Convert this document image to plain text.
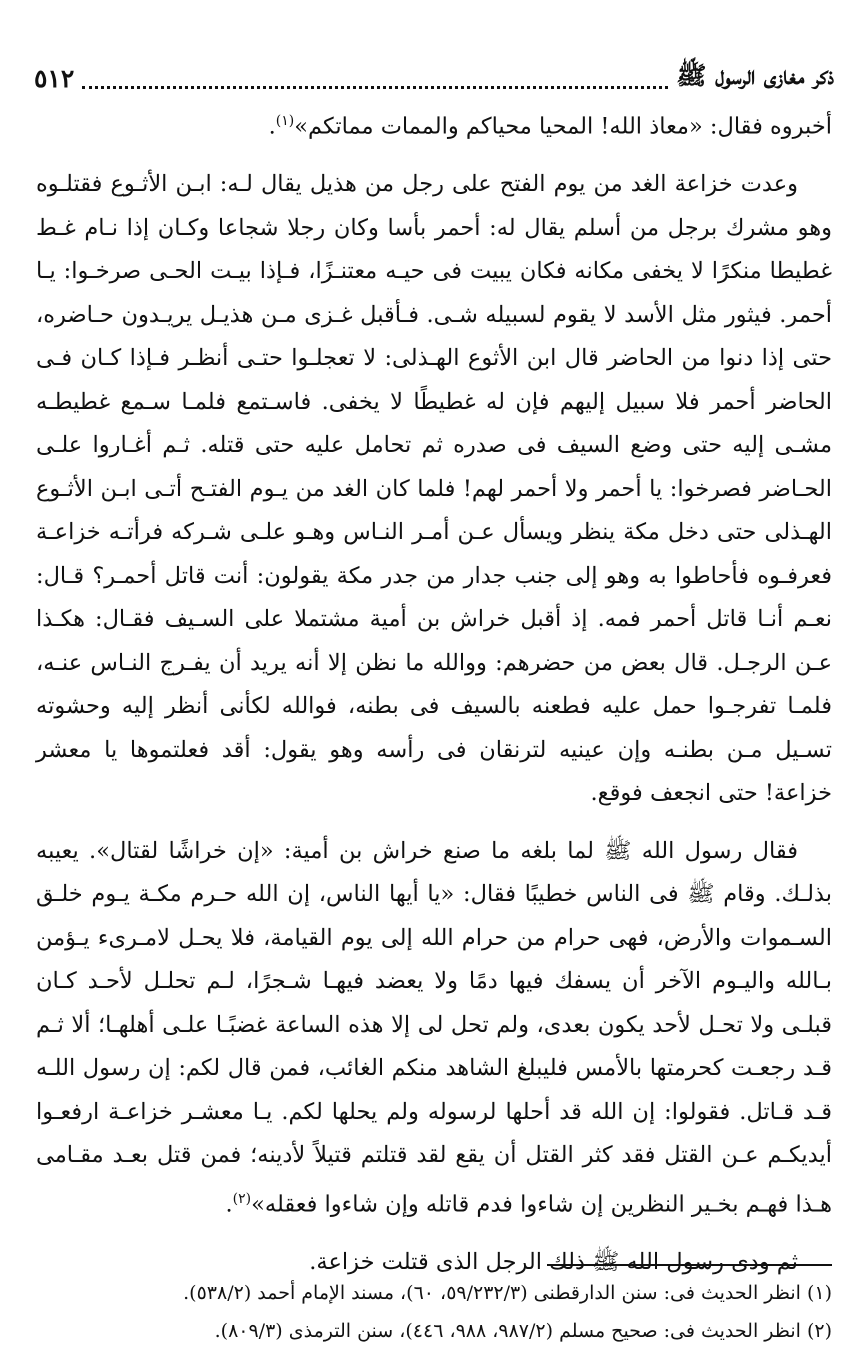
ذكر مغازى الرسول ﷺ
٥١٢

أخبروه فقال: «معاذ الله! المحيا محياكم والممات مماتكم»$^{(١)}$.

وعدت خزاعة الغد من يوم الفتح على رجل من هذيل يقال لـه: ابـن الأثـوع فقتلـوه وهو مشرك برجل من أسلم يقال له: أحمر بأسا وكان رجلا شجاعا وكـان إذا نـام غـط غطيطا منكرًا لا يخفى مكانه فكان يبيت فى حيـه معتنـزًا، فـإذا بيـت الحـى صرخـوا: يـا أحمر. فيثور مثل الأسد لا يقوم لسبيله شـى. فـأقبل غـزى مـن هذيـل يريـدون حـاضره، حتى إذا دنوا من الحاضر قال ابن الأثوع الهـذلى: لا تعجلـوا حتـى أنظـر فـإذا كـان فـى الحاضر أحمر فلا سبيل إليهم فإن له غطيطًا لا يخفى. فاسـتمع فلمـا سـمع غطيطـه مشـى إليه حتى وضع السيف فى صدره ثم تحامل عليه حتى قتله. ثـم أغـاروا علـى الحـاضر فصرخوا: يا أحمر ولا أحمر لهم! فلما كان الغد من يـوم الفتـح أتـى ابـن الأثـوع الهـذلى حتى دخل مكة ينظر ويسأل عـن أمـر النـاس وهـو علـى شـركه فرأتـه خزاعـة فعرفـوه فأحاطوا به وهو إلى جنب جدار من جدر مكة يقولون: أنت قاتل أحمـر؟ قـال: نعـم أنـا قاتل أحمر فمه. إذ أقبل خراش بن أمية مشتملا على السـيف فقـال: هكـذا عـن الرجـل. قال بعض من حضرهم: ووالله ما نظن إلا أنه يريد أن يفـرج النـاس عنـه، فلمـا تفرجـوا حمل عليه فطعنه بالسيف فى بطنه، فوالله لكأنى أنظر إليه وحشوته تسـيل مـن بطنـه وإن عينيه لترنقان فى رأسه وهو يقول: أقد فعلتموها يا معشر خزاعة! حتى انجعف فوقع.

فقال رسول الله ﷺ لما بلغه ما صنع خراش بن أمية: «إن خراشًا لقتال». يعيبه بذلـك. وقام ﷺ فى الناس خطيبًا فقال: «يا أيها الناس، إن الله حـرم مكـة يـوم خلـق السـموات والأرض، فهى حرام من حرام الله إلى يوم القيامة، فلا يحـل لامـرىء يـؤمن بـالله واليـوم الآخر أن يسفك فيها دمًا ولا يعضد فيهـا شـجرًا، لـم تحلـل لأحـد كـان قبلـى ولا تحـل لأحد يكون بعدى، ولم تحل لى إلا هذه الساعة غضبًـا علـى أهلهـا؛ ألا ثـم قـد رجعـت كحرمتها بالأمس فليبلغ الشاهد منكم الغائب، فمن قال لكم: إن رسول اللـه قـد قـاتل. فقولوا: إن الله قد أحلها لرسوله ولم يحلها لكم. يـا معشـر خزاعـة ارفعـوا أيديكـم عـن القتل فقد كثر القتل أن يقع لقد قتلتم قتيلاً لأدينه؛ فمن قتل بعـد مقـامى هـذا فهـم بخـير النظرين إن شاءوا فدم قاتله وإن شاءوا فعقله»$^{(٢)}$.

ثم ودى رسول الله ﷺ ذلك الرجل الذى قتلت خزاعة.

(١) انظر الحديث فى: سنن الدارقطنى (٥٩/٢٣٢/٣، ٦٠)، مسند الإمام أحمد (٥٣٨/٢).
(٢) انظر الحديث فى: صحيح مسلم (٩٨٧/٢، ٩٨٨، ٤٤٦)، سنن الترمذى (٨٠٩/٣).
